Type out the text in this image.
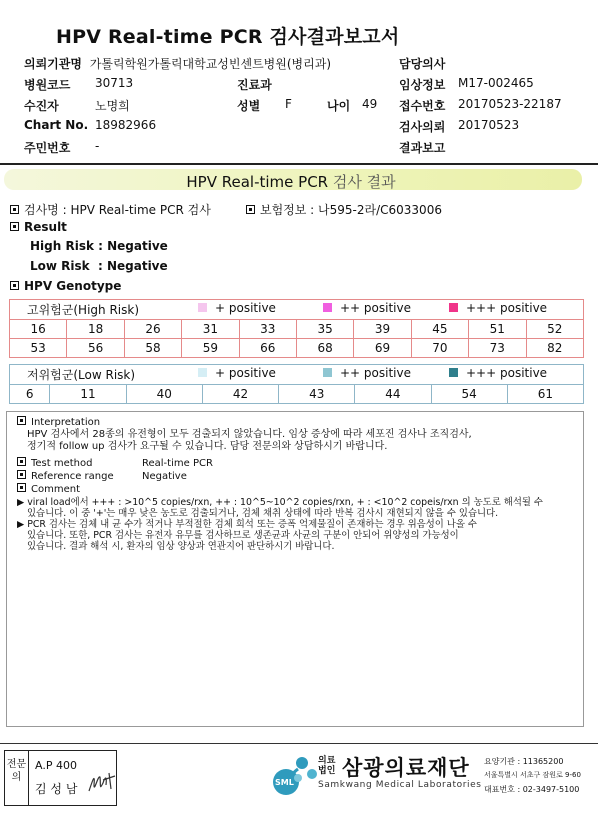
HPV Real-time PCR 검사결과보고서
의뢰기관명 가톨릭학원가톨릭대학교성빈센트병원(병리과)	담당의사
병원코드 30713	진료과	임상정보 M17-002465
수진자	노명희	성별 F	나이 49 접수번호 20170523-22187
Chart No. 18982966	검사의뢰 20170523
주민번호 -	결과보고
HPV Real-time PCR 검사 결과
검사명 : HPV Real-time PCR 검사	보험정보 : 나595-2라/C6033006
Result
High Risk : Negative
Low Risk  : Negative
HPV Genotype
고위험군(High Risk)	+ positive	++ positive	+++ positive
16	18	26	31	33	35	39	45	51	52
53	56	58	59	66	68	69	70	73	82
저위험군(Low Risk)	+ positive	++ positive	+++ positive
6	11	40	42	43	44	54	61
Interpretation
HPV 검사에서 28종의 유전형이 모두 검출되지 않았습니다. 임상 증상에 따라 세포진 검사나 조직검사,
정기적 follow up 검사가 요구될 수 있습니다. 담당 전문의와 상담하시기 바랍니다.
Test method	Real-time PCR
Reference range	Negative
Comment
▶ viral load에서 +++ : >10^5 copies/rxn, ++ : 10^5~10^2 copies/rxn, + : <10^2 copeis/rxn 의 농도로 해석될 수
있습니다. 이 중 '+'는 매우 낮은 농도로 검출되거나, 검체 채취 상태에 따라 반복 검사시 재현되지 않을 수 있습니다.
▶ PCR 검사는 검체 내 균 수가 적거나 부적절한 검체 희석 또는 증폭 억제물질이 존재하는 경우 위음성이 나올 수
있습니다. 또한, PCR 검사는 유전자 유무를 검사하므로 생존균과 사균의 구분이 안되어 위양성의 가능성이
있습니다. 결과 해석 시, 환자의 임상 양상과 연관지어 판단하시기 바랍니다.
전문의
A.P 400
김 성 남	SML
의료
법인 삼광의료재단
Samkwang Medical Laboratories
요양기관 : 11365200
서울특별시 서초구 잠원로 9-60
대표번호 : 02-3497-5100
